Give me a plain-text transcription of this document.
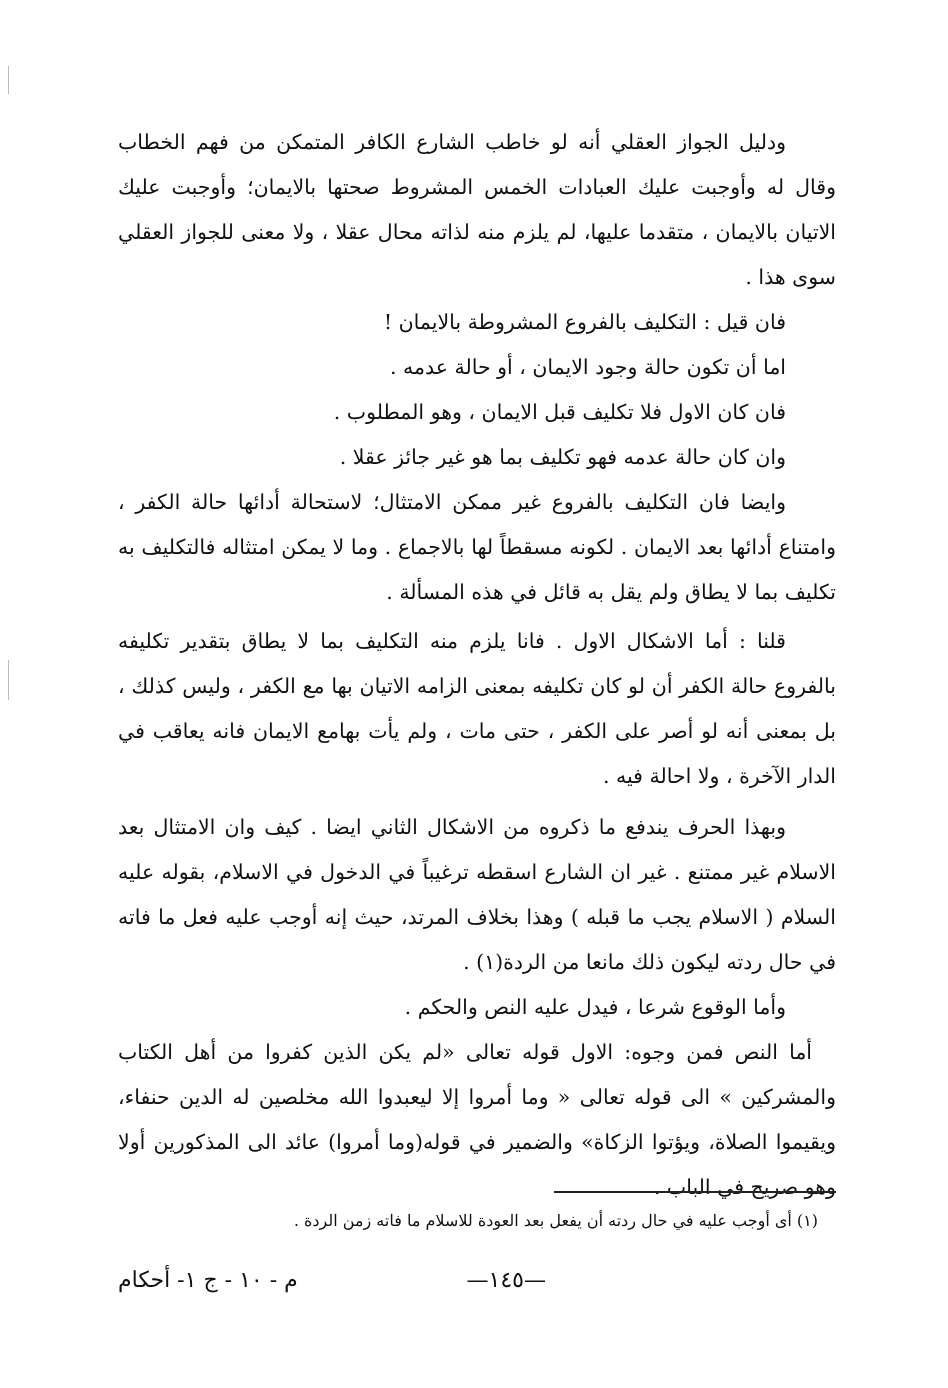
ودليل الجواز العقلي أنه لو خاطب الشارع الكافر المتمكن من فهم الخطاب وقال له وأوجبت عليك العبادات الخمس المشروط صحتها بالايمان؛ وأوجبت عليك الاتيان بالايمان ، متقدما عليها، لم يلزم منه لذاته محال عقلا ، ولا معنى للجواز العقلي سوى هذا .

فان قيل : التكليف بالفروع المشروطة بالايمان !

اما أن تكون حالة وجود الايمان ، أو حالة عدمه .

فان كان الاول فلا تكليف قبل الايمان ، وهو المطلوب .

وان كان حالة عدمه فهو تكليف بما هو غير جائز عقلا .

وايضا فان التكليف بالفروع غير ممكن الامتثال؛ لاستحالة أدائها حالة الكفر ، وامتناع أدائها بعد الايمان . لكونه مسقطاً لها بالاجماع . وما لا يمكن امتثاله فالتكليف به تكليف بما لا يطاق ولم يقل به قائل في هذه المسألة .

قلنا : أما الاشكال الاول . فانا يلزم منه التكليف بما لا يطاق بتقدير تكليفه بالفروع حالة الكفر أن لو كان تكليفه بمعنى الزامه الاتيان بها مع الكفر ، وليس كذلك ، بل بمعنى أنه لو أصر على الكفر ، حتى مات ، ولم يأت بهامع الايمان فانه يعاقب في الدار الآخرة ، ولا احالة فيه .

وبهذا الحرف يندفع ما ذكروه من الاشكال الثاني ايضا . كيف وان الامتثال بعد الاسلام غير ممتنع . غير ان الشارع اسقطه ترغيباً في الدخول في الاسلام، بقوله عليه السلام ( الاسلام يجب ما قبله ) وهذا بخلاف المرتد، حيث إنه أوجب عليه فعل ما فاته في حال ردته ليكون ذلك مانعا من الردة(١) .

وأما الوقوع شرعا ، فيدل عليه النص والحكم .

أما النص فمن وجوه: الاول قوله تعالى «لم يكن الذين كفروا من أهل الكتاب والمشركين » الى قوله تعالى « وما أمروا إلا ليعبدوا الله مخلصين له الدين حنفاء، ويقيموا الصلاة، ويؤتوا الزكاة» والضمير في قوله(وما أمروا) عائد الى المذكورين أولا وهو صريح في الباب .

(١) أى أوجب عليه في حال ردته أن يفعل بعد العودة للاسلام ما فاته زمن الردة .
—١٤٥—
م - ١٠ - ج ١- أحكام
